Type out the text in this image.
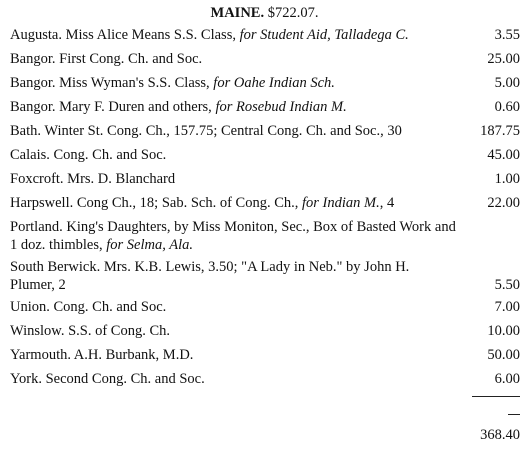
MAINE. $722.07.
Augusta. Miss Alice Means S.S. Class, for Student Aid, Talladega C.	3.55
Bangor. First Cong. Ch. and Soc.	25.00
Bangor. Miss Wyman's S.S. Class, for Oahe Indian Sch.	5.00
Bangor. Mary F. Duren and others, for Rosebud Indian M.	0.60
Bath. Winter St. Cong. Ch., 157.75; Central Cong. Ch. and Soc., 30	187.75
Calais. Cong. Ch. and Soc.	45.00
Foxcroft. Mrs. D. Blanchard	1.00
Harpswell. Cong Ch., 18; Sab. Sch. of Cong. Ch., for Indian M., 4	22.00
Portland. King's Daughters, by Miss Moniton, Sec., Box of Basted Work and 1 doz. thimbles, for Selma, Ala.
South Berwick. Mrs. K.B. Lewis, 3.50; "A Lady in Neb." by John H. Plumer, 2	5.50
Union. Cong. Ch. and Soc.	7.00
Winslow. S.S. of Cong. Ch.	10.00
Yarmouth. A.H. Burbank, M.D.	50.00
York. Second Cong. Ch. and Soc.	6.00
368.40
